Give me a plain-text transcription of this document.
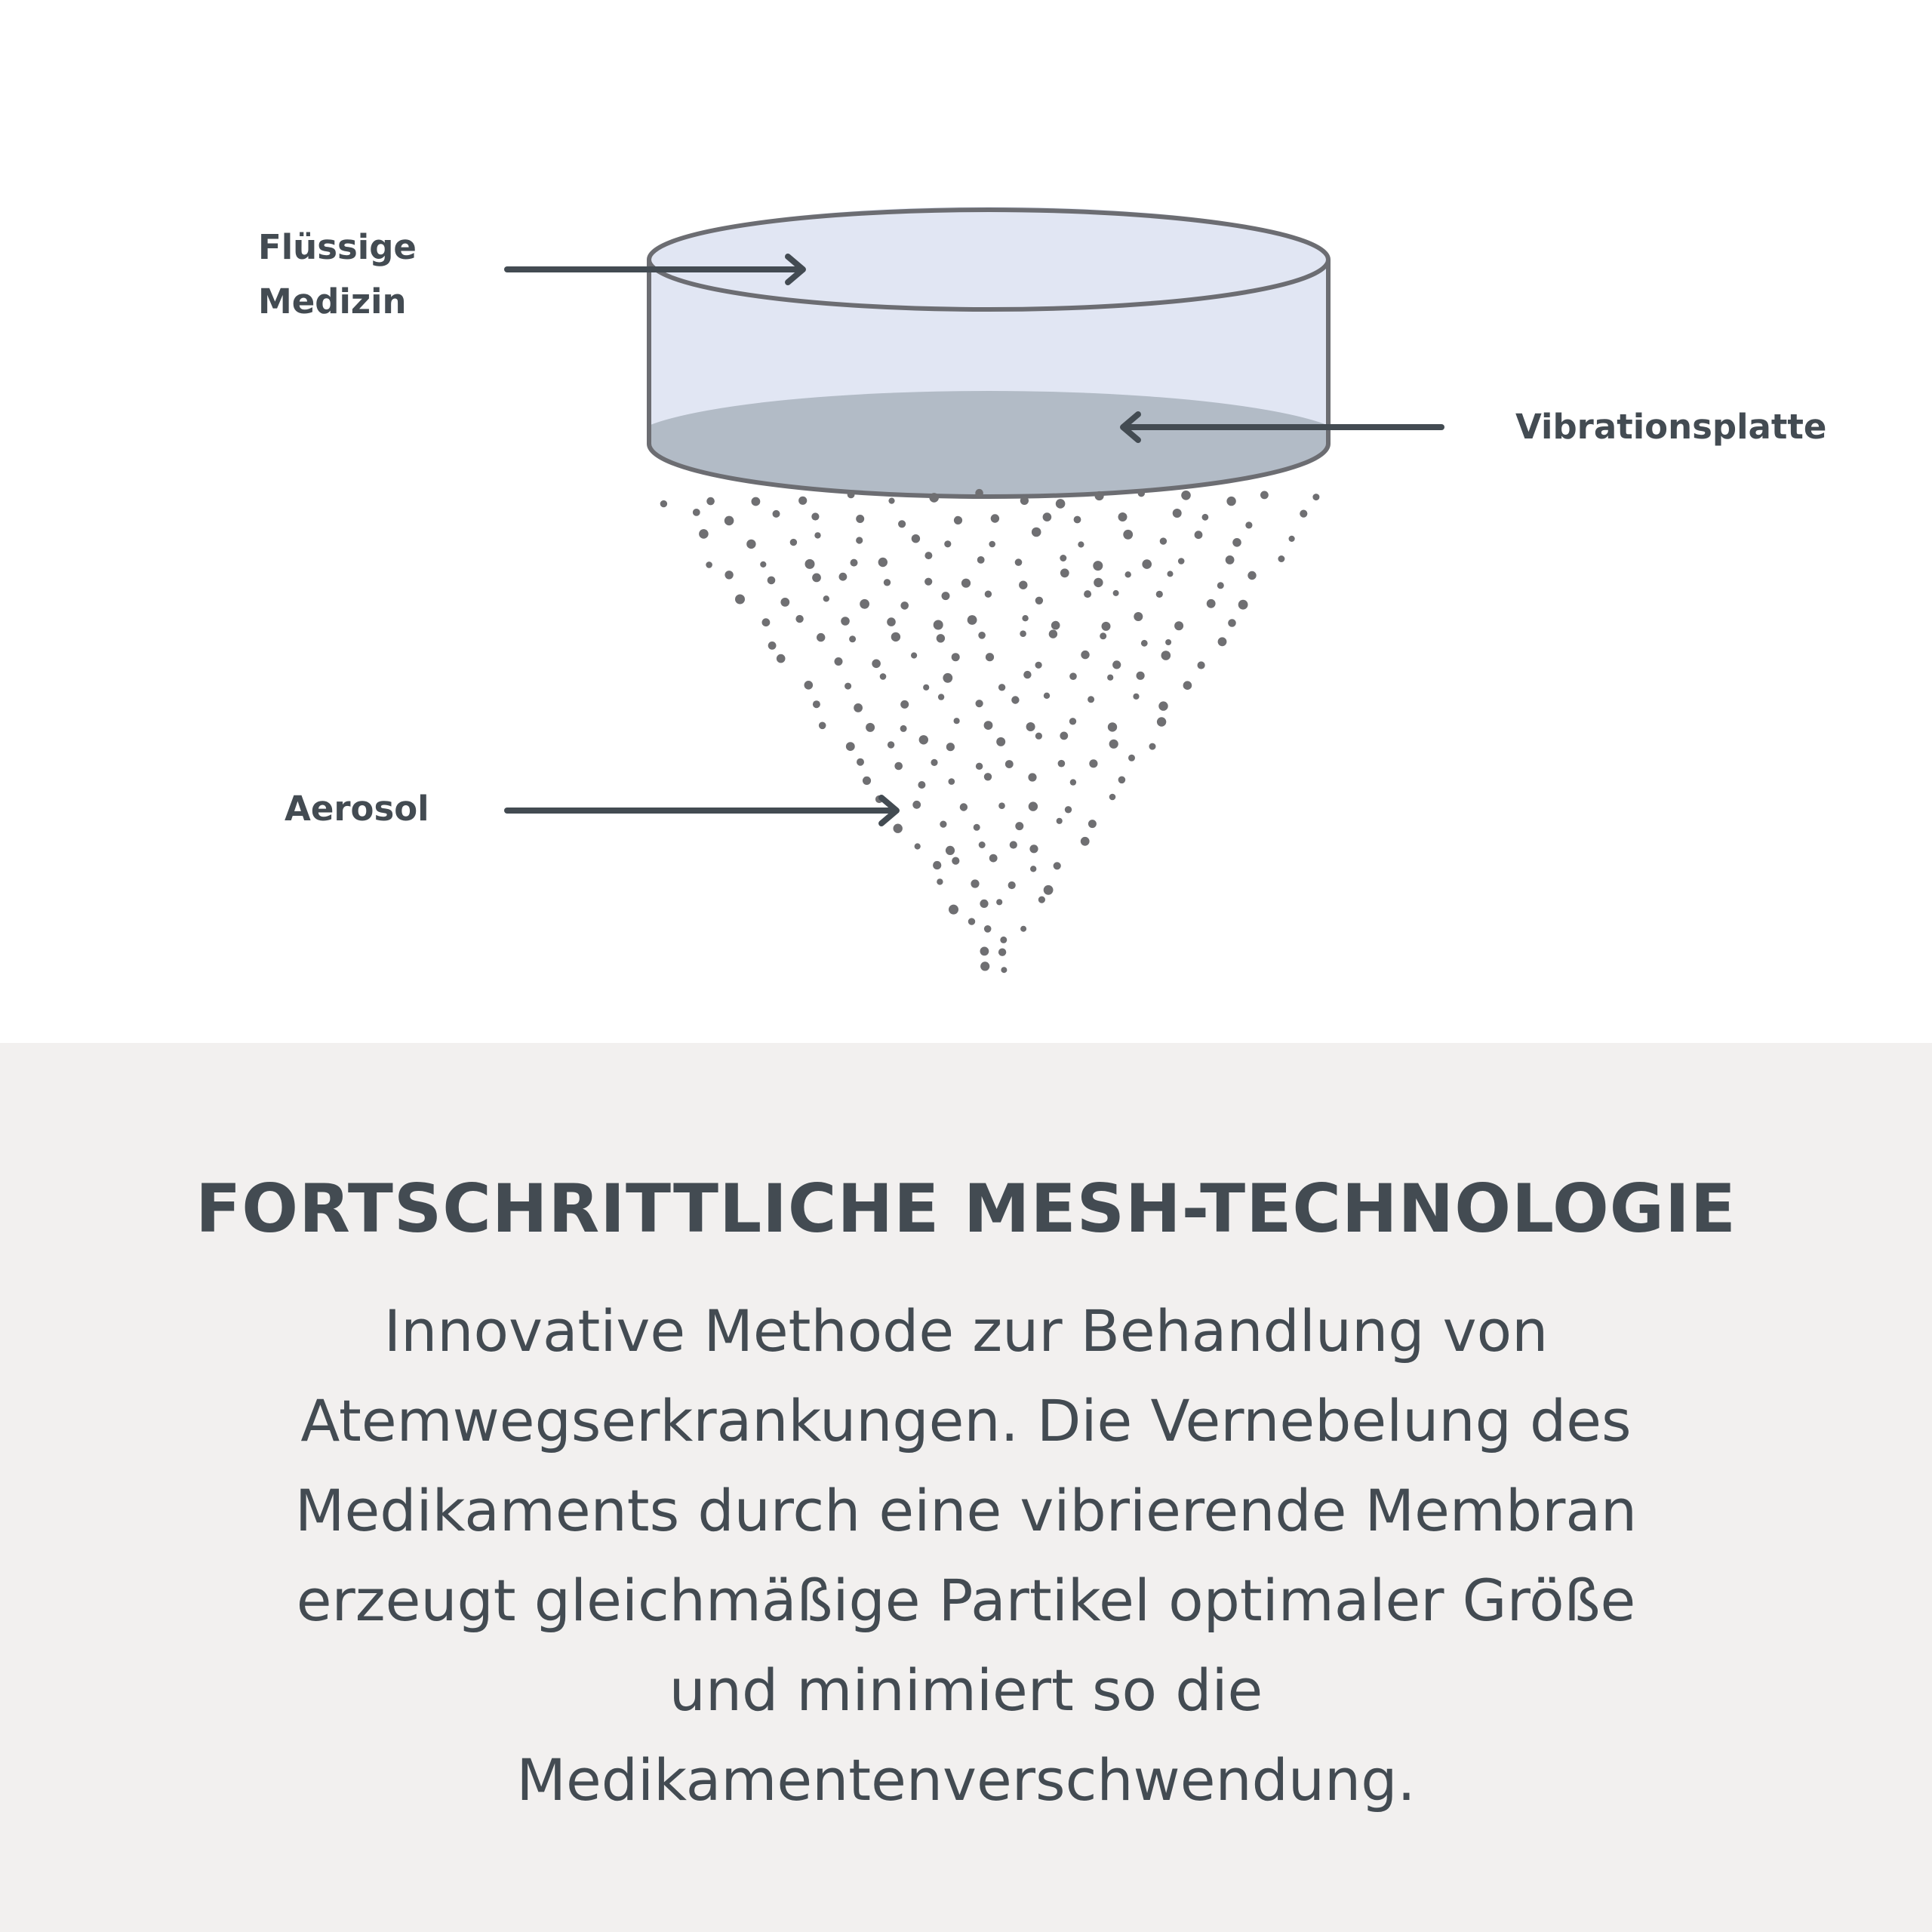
Flüssige
Medizin
Vibrationsplatte
Aerosol
FORTSCHRITTLICHE MESH-TECHNOLOGIE

Innovative Methode zur Behandlung von
Atemwegserkrankungen. Die Vernebelung des
Medikaments durch eine vibrierende Membran
erzeugt gleichmäßige Partikel optimaler Größe
und minimiert so die
Medikamentenverschwendung.
